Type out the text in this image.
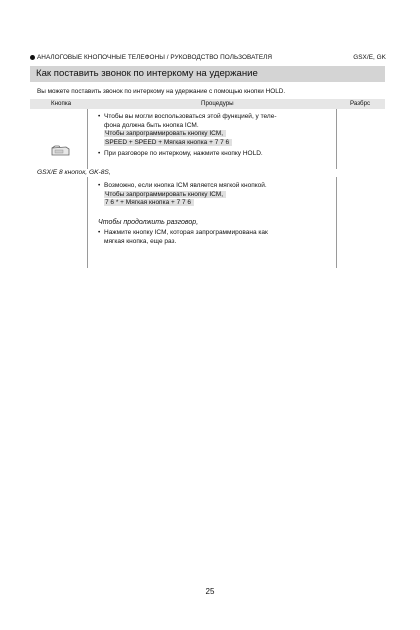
АНАЛОГОВЫЕ КНОПОЧНЫЕ ТЕЛЕФОНЫ / РУКОВОДСТВО ПОЛЬЗОВАТЕЛЯ	GSX/E, GK
Как поставить звонок по интеркому на удержание
Вы можете поставить звонок по интеркому на удержание с помощью кнопки HOLD.
Кнопка	Процедуры	Разбрс
• Чтобы вы могли воспользоваться этой функцией, у теле-
фона должна быть кнопка ICM.
Чтобы запрограммировать кнопку ICM,
SPEED + SPEED + Мягкая кнопка + 7 7 6
• При разговоре по интеркому, нажмите кнопку HOLD.
GSX/E 8 кнопок, GK-8S,
• Возможно, если кнопка ICM является мягкой кнопкой.
Чтобы запрограммировать кнопку ICM,
7 6 * + Мягкая кнопка + 7 7 6
Чтобы продолжить разговор,
• Нажмите кнопку ICM, которая запрограммирована как
мягкая кнопка, еще раз.
25
